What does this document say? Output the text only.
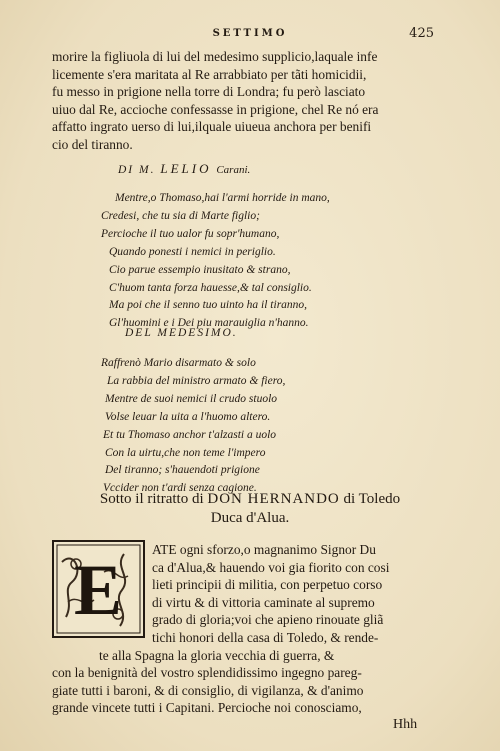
SETTIMO	425
morire la figliuola di lui del medesimo supplicio,laquale infe
licemente s'era maritata al Re arrabbiato per tãti homicidii,
fu messo in prigione nella torre di Londra; fu però lasciato
uiuo dal Re, accioche confessasse in prigione, chel Re nó era
affatto ingrato uerso di lui,ilquale uiueua anchora per benifi
cio del tiranno.
DI M. LELIO Carani.
Mentre,o Thomaso,hai l'armi horride in mano,
Credesi, che tu sia di Marte figlio;
Percioche il tuo ualor fu sopr'humano,
Quando ponesti i nemici in periglio.
Cio parue essempio inusitato & strano,
C'huom tanta forza hauesse,& tal consiglio.
Ma poi che il senno tuo uinto ha il tiranno,
Gl'huomini e i Dei piu marauiglia n'hanno.
DEL MEDESIMO.
Raffrenò Mario disarmato & solo
La rabbia del ministro armato & fiero,
Mentre de suoi nemici il crudo stuolo
Volse leuar la uita a l'huomo altero.
Et tu Thomaso anchor t'alzasti a uolo
Con la uirtu,che non teme l'impero
Del tiranno; s'hauendoti prigione
Vccider non t'ardi senza cagione.
Sotto il ritratto di DON HERNANDO di Toledo
Duca d'Alua.
E
ATE ogni sforzo,o magnanimo Signor Du
ca d'Alua,& hauendo voi gia fiorito con cosi
lieti principii di militia, con perpetuo corso
di virtu & di vittoria caminate al supremo
grado di gloria;voi che apieno rinouate gliã
tichi honori della casa di Toledo, & rende-
te alla Spagna la gloria vecchia di guerra, &
con la benignità del vostro splendidissimo ingegno pareg-
giate tutti i baroni, & di consiglio, di vigilanza, & d'animo
grande vincete tutti i Capitani. Percioche noi conosciamo,
Hhh
